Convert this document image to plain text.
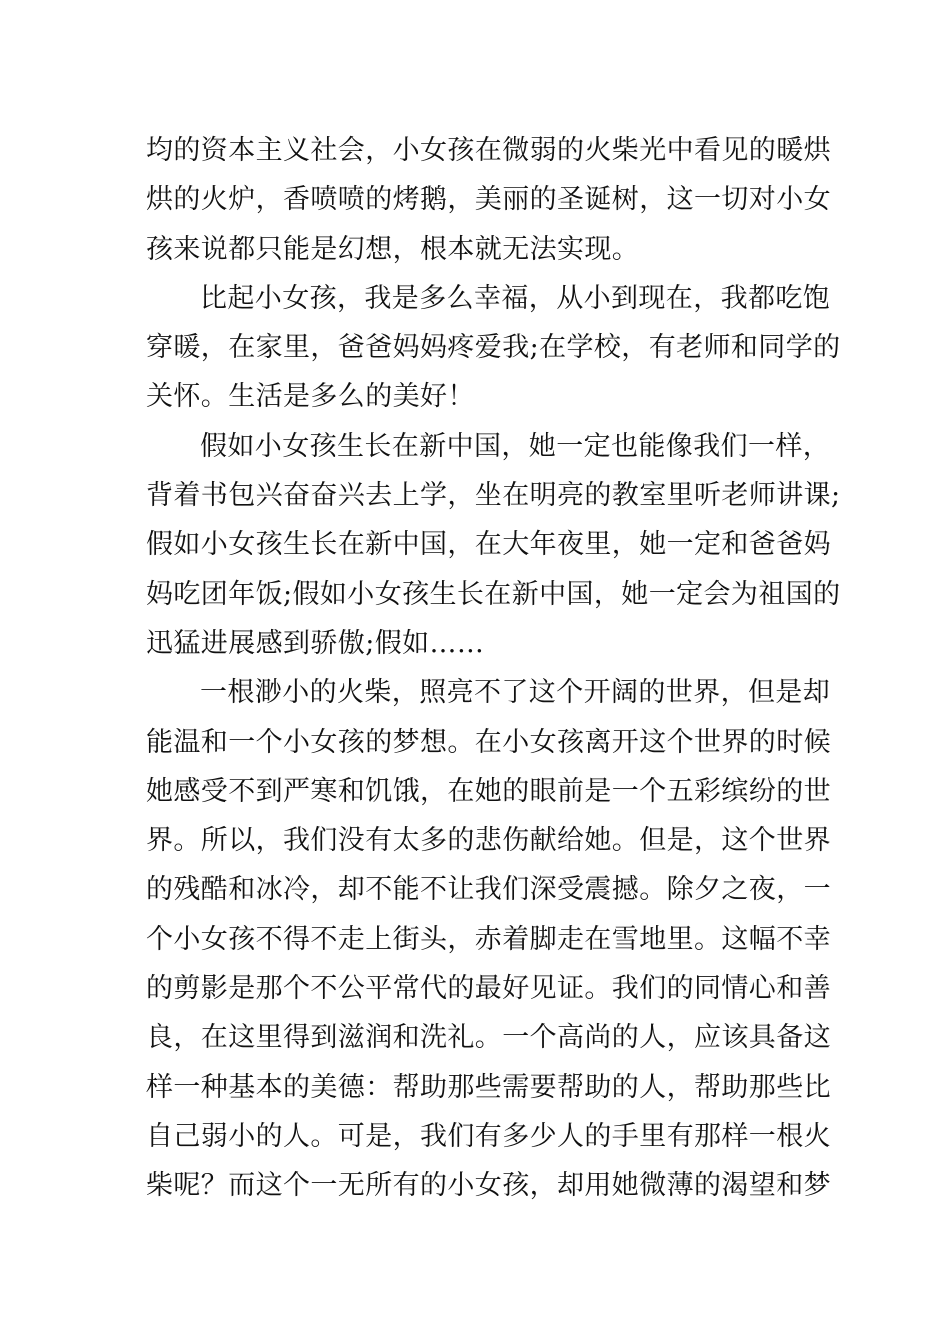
均的资本主义社会，小女孩在微弱的火柴光中看见的暖烘
烘的火炉，香喷喷的烤鹅，美丽的圣诞树，这一切对小女
孩来说都只能是幻想，根本就无法实现。
比起小女孩，我是多么幸福，从小到现在，我都吃饱
穿暖，在家里，爸爸妈妈疼爱我;在学校，有老师和同学的
关怀。生活是多么的美好！
假如小女孩生长在新中国，她一定也能像我们一样，
背着书包兴奋奋兴去上学，坐在明亮的教室里听老师讲课;
假如小女孩生长在新中国，在大年夜里，她一定和爸爸妈
妈吃团年饭;假如小女孩生长在新中国，她一定会为祖国的
迅猛进展感到骄傲;假如……
一根渺小的火柴，照亮不了这个开阔的世界，但是却
能温和一个小女孩的梦想。在小女孩离开这个世界的时候
她感受不到严寒和饥饿，在她的眼前是一个五彩缤纷的世
界。所以，我们没有太多的悲伤献给她。但是，这个世界
的残酷和冰冷，却不能不让我们深受震撼。除夕之夜，一
个小女孩不得不走上街头，赤着脚走在雪地里。这幅不幸
的剪影是那个不公平常代的最好见证。我们的同情心和善
良，在这里得到滋润和洗礼。一个高尚的人，应该具备这
样一种基本的美德：帮助那些需要帮助的人，帮助那些比
自己弱小的人。可是，我们有多少人的手里有那样一根火
柴呢？而这个一无所有的小女孩，却用她微薄的渴望和梦
